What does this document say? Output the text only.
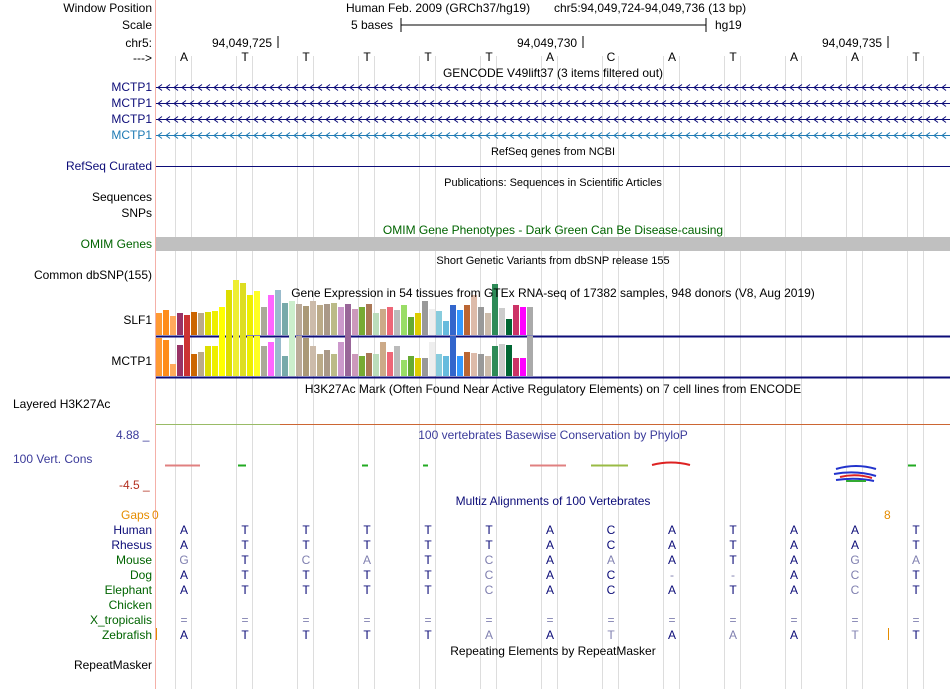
Window Position	Human Feb. 2009 (GRCh37/hg19) chr5:94,049,724-94,049,736 (13 bp)
Scale	5 bases	hg19
chr5:	94,049,725	94,049,730	94,049,735
---> A	T	T	T	T	T	A	C	A	T	A	A	T
GENCODE V49lift37 (3 items filtered out)
MCTP1
MCTP1
MCTP1
MCTP1
RefSeq genes from NCBI
RefSeq Curated
Publications: Sequences in Scientific Articles
Sequences
SNPs
OMIM Gene Phenotypes - Dark Green Can Be Disease-causing
OMIM Genes
Short Genetic Variants from dbSNP release 155
Common dbSNP(155)
Gene Expression in 54 tissues from GTEx RNA-seq of 17382 samples, 948 donors (V8, Aug 2019)
SLF1
MCTP1
H3K27Ac Mark (Often Found Near Active Regulatory Elements) on 7 cell lines from ENCODE
Layered H3K27Ac
4.88 _	100 vertebrates Basewise Conservation by PhyloP
100 Vert. Cons
-4.5 _
Multiz Alignments of 100 Vertebrates
Gaps 0	8
Human A	T	T	T	T	T	A	C	A	T	A	A	T
Rhesus A	T	T	T	T	T	A	C	A	T	A	A	T
Mouse G	T	C	A	T	C	A	A	A	T	A	G	A
Dog A	T	T	T	T	C	A	C	-	-	A	C	T
Elephant A	T	T	T	T	C	A	C	A	T	A	C	T
Chicken
X_tropicalis =	=	=	=	=	=	=	=	=	=	=	=	=
Zebrafish A	T	T	T	T	A	A	T	A	A	A	T	T
Repeating Elements by RepeatMasker
RepeatMasker
